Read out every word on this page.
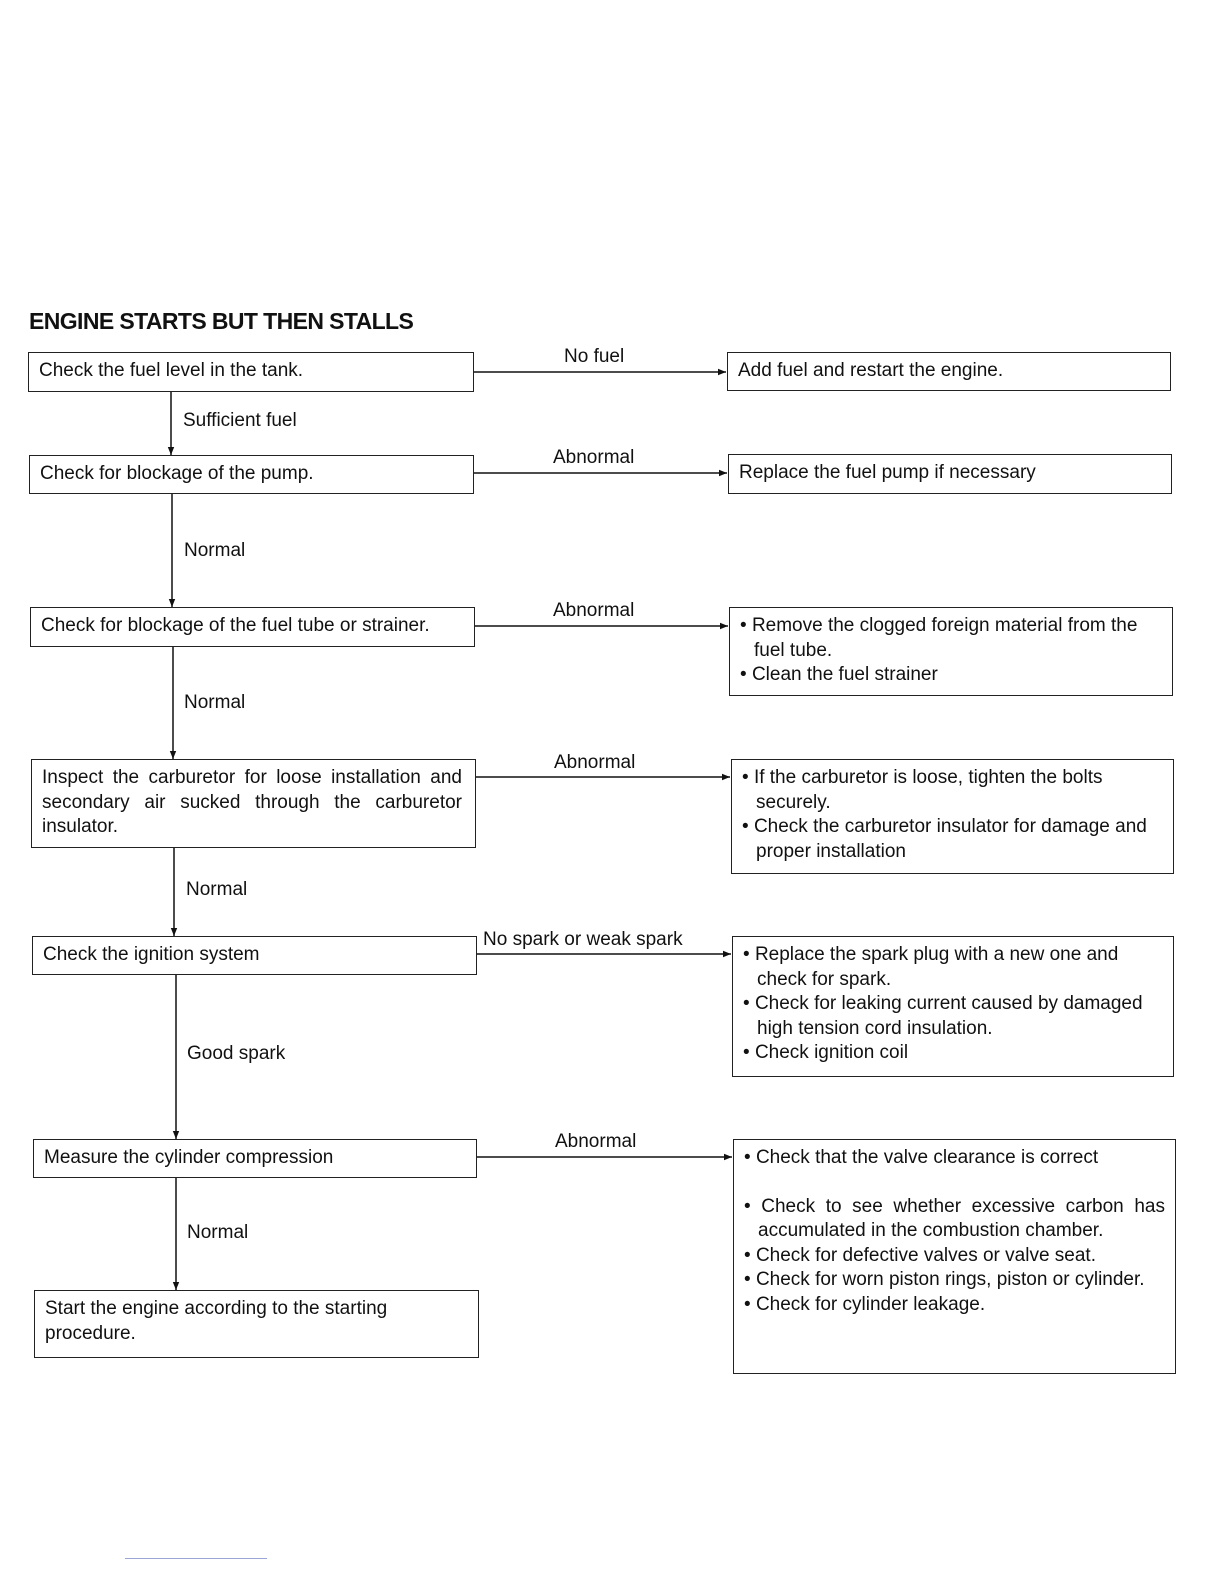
ENGINE STARTS BUT THEN STALLS
Check the fuel level in the tank.
Check for blockage of the pump.
Check for blockage of the fuel tube or strainer.
Inspect the carburetor for loose installation and secondary air sucked through the carburetor insulator.
Check the ignition system
Measure the cylinder compression
Start the engine according to the starting procedure.
Sufficient fuel
Normal
Normal
Normal
Good spark
Normal
No fuel
Abnormal
Abnormal
Abnormal
No spark or weak spark
Abnormal
Add fuel and restart the engine.
Replace the fuel pump if necessary
• Remove the clogged foreign material from the fuel tube.
• Clean the fuel strainer
• If the carburetor is loose, tighten the bolts securely.
• Check the carburetor insulator for damage and proper installation
• Replace the spark plug with a new one and check for spark.
• Check for leaking current caused by damaged high tension cord insulation.
• Check ignition coil
• Check that the valve clearance is correct
• Check to see whether excessive carbon has accumulated in the combustion chamber.
• Check for defective valves or valve seat.
• Check for worn piston rings, piston or cylinder.
• Check for cylinder leakage.
